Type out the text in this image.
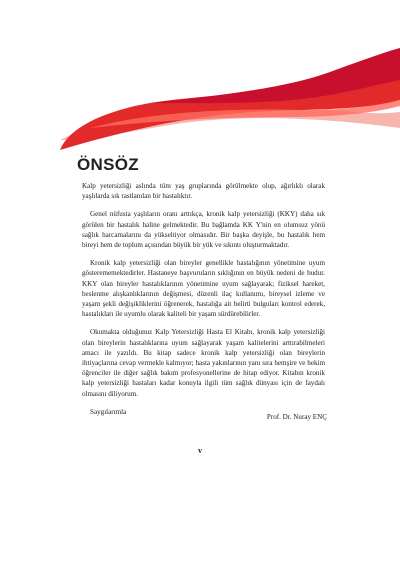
ÖNSÖZ

Kalp yetersizliği aslında tüm yaş gruplarında görülmekte olup, ağırlıklı olarak yaşlılarda sık rastlanılan bir hastalıktır.

Genel nüfusta yaşlıların oranı arttıkça, kronik kalp yetersizliği (KKY) daha sık görülen bir hastalık haline gelmektedir. Bu bağlamda KK Y'nin en olumsuz yönü sağlık harcamalarını da yükseltiyor olmasıdır. Bir başka deyişle, bu hastalık hem bireyi hem de toplum açısından büyük bir yük ve sıkıntı oluşturmaktadır.

Kronik kalp yetersizliği olan bireyler genellikle hastalığının yönetimine uyum gösterememektedirler. Hastaneye başvuruların sıklığının en büyük nedeni de budur. KKY olan bireyler hastalıklarının yönetimine uyum sağlayarak; fiziksel hareket, beslenme alışkanlıklarının değişmesi, düzenli ilaç kullanımı, bireysel izleme ve yaşam şekli değişikliklerini öğrenerek, hastalığa ait belirti bulguları kontrol ederek, hastalıkları ile uyumlu olarak kaliteli bir yaşam sürdürebilirler.

Okumakta olduğunuz Kalp Yetersizliği Hasta El Kitabı, kronik kalp yetersizliği olan bireylerin hastalıklarına uyum sağlayarak yaşam kalitelerini arttırabilmeleri amacı ile yazıldı. Bu kitap sadece kronik kalp yetersizliği olan bireylerin ihtiyaçlarına cevap vermekle kalmıyor; hasta yakınlarının yanı sıra hemşire ve hekim öğrenciler ile diğer sağlık bakım profesyonellerine de hitap ediyor. Kitabın kronik kalp yetersizliği hastaları kadar konuyla ilgili tüm sağlık dünyası için de faydalı olmasını diliyorum.

Saygılarımla

Prof. Dr. Nuray ENÇ
v
